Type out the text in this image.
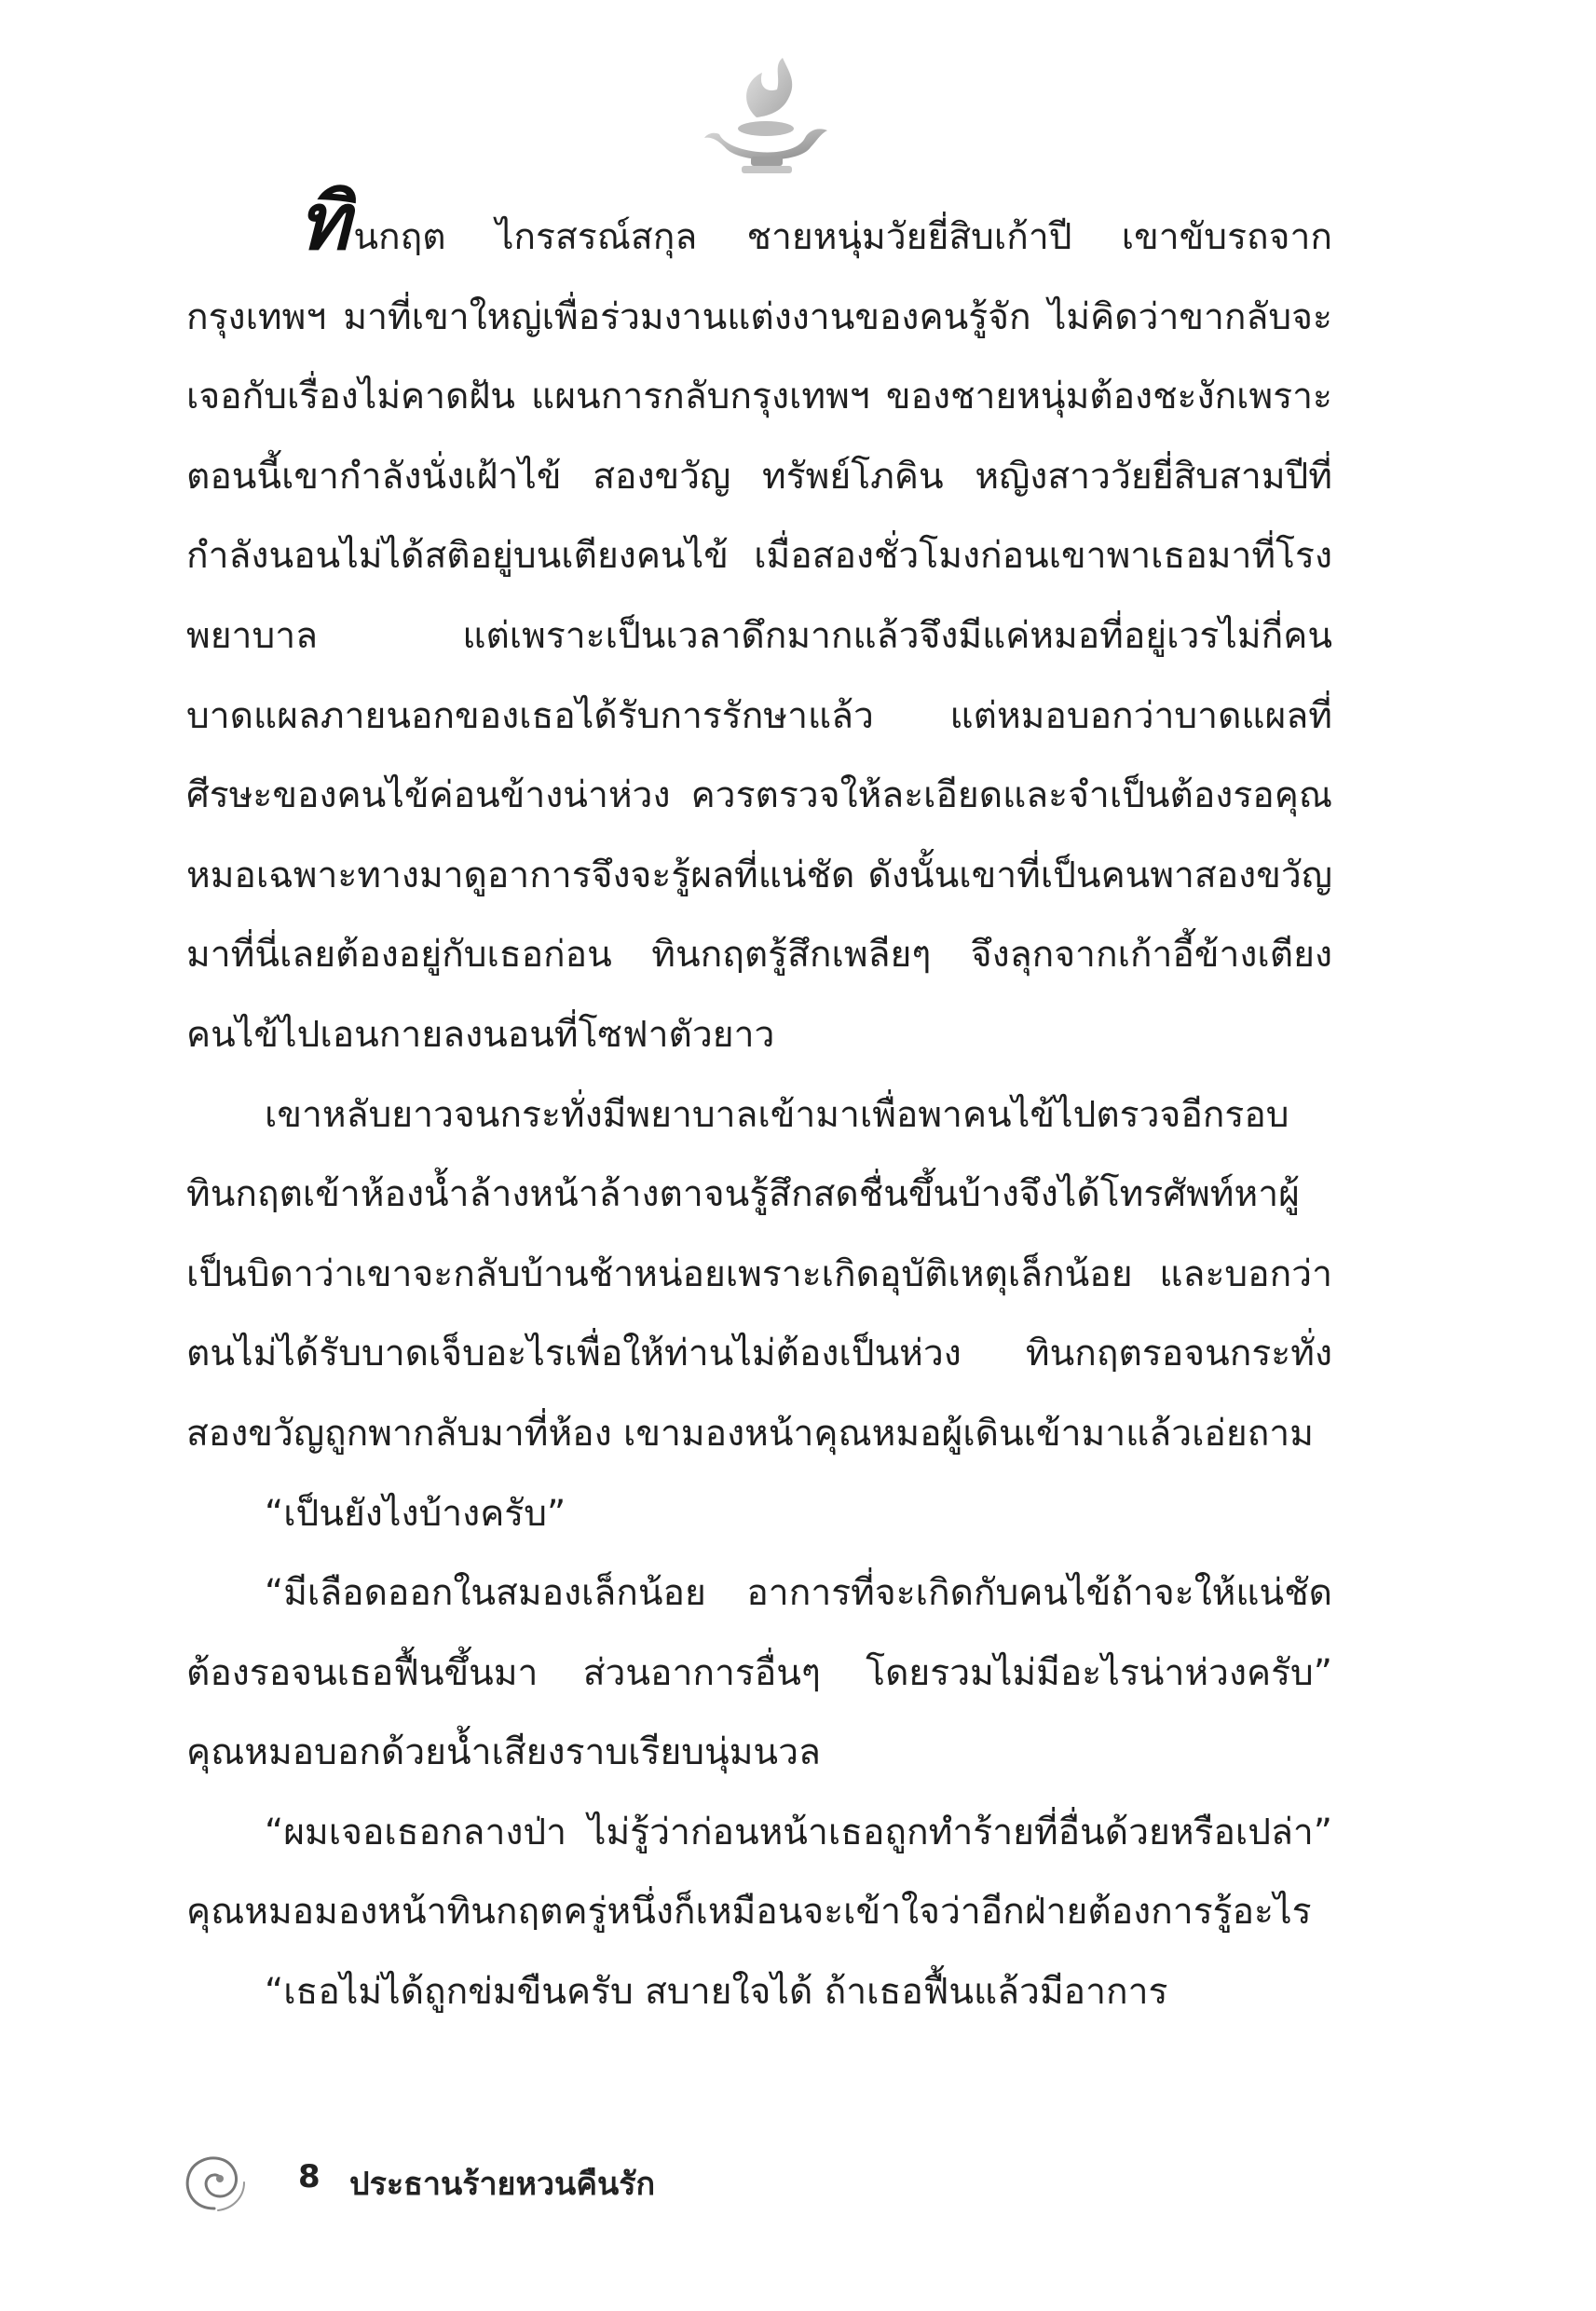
ทินกฤต ไกรสรณ์สกุล ชายหนุ่มวัยยี่สิบเก้าปี เขาขับรถจากกรุงเทพฯ มาที่เขาใหญ่เพื่อร่วมงานแต่งงานของคนรู้จัก ไม่คิดว่าขากลับจะเจอกับเรื่องไม่คาดฝัน แผนการกลับกรุงเทพฯ ของชายหนุ่มต้องชะงักเพราะตอนนี้เขากำลังนั่งเฝ้าไข้ สองขวัญ ทรัพย์โภคิน หญิงสาววัยยี่สิบสามปีที่กำลังนอนไม่ได้สติอยู่บนเตียงคนไข้ เมื่อสองชั่วโมงก่อนเขาพาเธอมาที่โรงพยาบาล แต่เพราะเป็นเวลาดึกมากแล้วจึงมีแค่หมอที่อยู่เวรไม่กี่คน บาดแผลภายนอกของเธอได้รับการรักษาแล้ว แต่หมอบอกว่าบาดแผลที่ศีรษะของคนไข้ค่อนข้างน่าห่วง ควรตรวจให้ละเอียดและจำเป็นต้องรอคุณหมอเฉพาะทางมาดูอาการจึงจะรู้ผลที่แน่ชัด ดังนั้นเขาที่เป็นคนพาสองขวัญมาที่นี่เลยต้องอยู่กับเธอก่อน ทินกฤตรู้สึกเพลียๆ จึงลุกจากเก้าอี้ข้างเตียงคนไข้ไปเอนกายลงนอนที่โซฟาตัวยาว

เขาหลับยาวจนกระทั่งมีพยาบาลเข้ามาเพื่อพาคนไข้ไปตรวจอีกรอบ ทินกฤตเข้าห้องน้ำล้างหน้าล้างตาจนรู้สึกสดชื่นขึ้นบ้างจึงได้โทรศัพท์หาผู้เป็นบิดาว่าเขาจะกลับบ้านช้าหน่อยเพราะเกิดอุบัติเหตุเล็กน้อย และบอกว่าตนไม่ได้รับบาดเจ็บอะไรเพื่อให้ท่านไม่ต้องเป็นห่วง ทินกฤตรอจนกระทั่งสองขวัญถูกพากลับมาที่ห้อง เขามองหน้าคุณหมอผู้เดินเข้ามาแล้วเอ่ยถาม

“เป็นยังไงบ้างครับ”

“มีเลือดออกในสมองเล็กน้อย อาการที่จะเกิดกับคนไข้ถ้าจะให้แน่ชัดต้องรอจนเธอฟื้นขึ้นมา ส่วนอาการอื่นๆ โดยรวมไม่มีอะไรน่าห่วงครับ” คุณหมอบอกด้วยน้ำเสียงราบเรียบนุ่มนวล

“ผมเจอเธอกลางป่า ไม่รู้ว่าก่อนหน้าเธอถูกทำร้ายที่อื่นด้วยหรือเปล่า” คุณหมอมองหน้าทินกฤตครู่หนึ่งก็เหมือนจะเข้าใจว่าอีกฝ่ายต้องการรู้อะไร

“เธอไม่ได้ถูกข่มขืนครับ สบายใจได้ ถ้าเธอฟื้นแล้วมีอาการ

8 ประธานร้ายหวนคืนรัก
